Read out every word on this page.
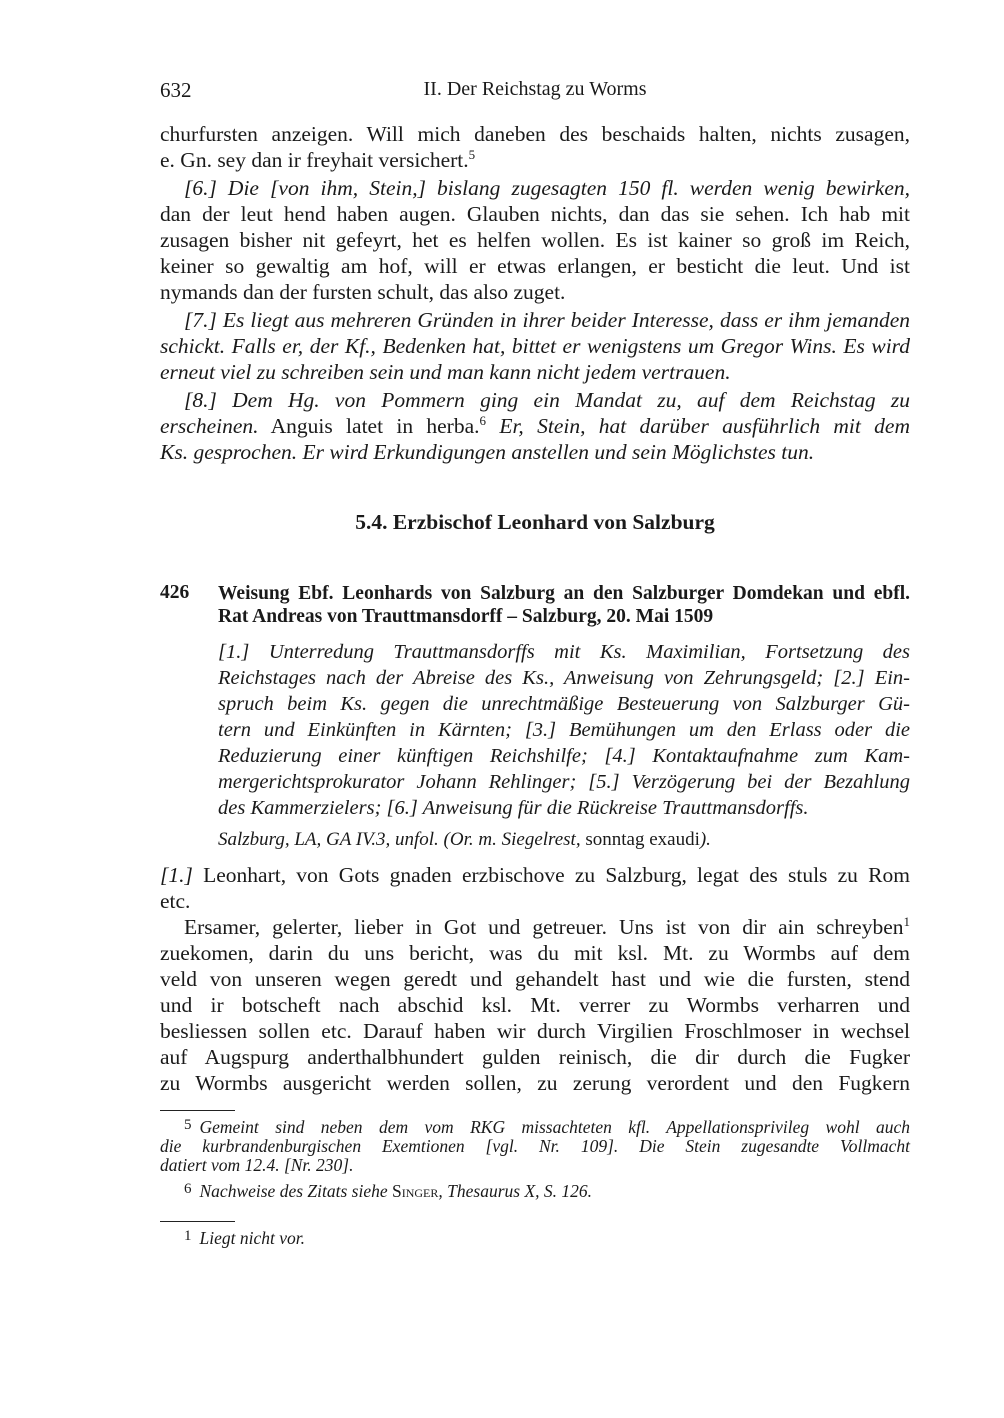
632	II. Der Reichstag zu Worms
churfursten anzeigen. Will mich daneben des beschaids halten, nichts zusagen,
e. Gn. sey dan ir freyhait versichert.$^5$
[6.] Die [von ihm, Stein,] bislang zugesagten 150 fl. werden wenig bewirken,
dan der leut hend haben augen. Glauben nichts, dan das sie sehen. Ich hab mit
zusagen bisher nit gefeyrt, het es helfen wollen. Es ist kainer so groß im Reich,
keiner so gewaltig am hof, will er etwas erlangen, er besticht die leut. Und ist
nymands dan der fursten schult, das also zuget.
[7.] Es liegt aus mehreren Gründen in ihrer beider Interesse, dass er ihm jemanden
schickt. Falls er, der Kf., Bedenken hat, bittet er wenigstens um Gregor Wins. Es wird
erneut viel zu schreiben sein und man kann nicht jedem vertrauen.
[8.] Dem Hg. von Pommern ging ein Mandat zu, auf dem Reichstag zu
erscheinen. Anguis latet in herba.$^6$ Er, Stein, hat darüber ausführlich mit dem
Ks. gesprochen. Er wird Erkundigungen anstellen und sein Möglichstes tun.
5.4. Erzbischof Leonhard von Salzburg
426 Weisung Ebf. Leonhards von Salzburg an den Salzburger Domdekan und ebfl.
Rat Andreas von Trauttmansdorff – Salzburg, 20. Mai 1509
[1.] Unterredung Trauttmansdorffs mit Ks. Maximilian, Fortsetzung des
Reichstages nach der Abreise des Ks., Anweisung von Zehrungsgeld; [2.] Ein-
spruch beim Ks. gegen die unrechtmäßige Besteuerung von Salzburger Gü-
tern und Einkünften in Kärnten; [3.] Bemühungen um den Erlass oder die
Reduzierung einer künftigen Reichshilfe; [4.] Kontaktaufnahme zum Kam-
mergerichtsprokurator Johann Rehlinger; [5.] Verzögerung bei der Bezahlung
des Kammerzielers; [6.] Anweisung für die Rückreise Trauttmansdorffs.
Salzburg, LA, GA IV.3, unfol. (Or. m. Siegelrest, sonntag exaudi).
[1.] Leonhart, von Gots gnaden erzbischove zu Salzburg, legat des stuls zu Rom
etc.
Ersamer, gelerter, lieber in Got und getreuer. Uns ist von dir ain schreyben$^1$
zuekomen, darin du uns bericht, was du mit ksl. Mt. zu Wormbs auf dem
veld von unseren wegen geredt und gehandelt hast und wie die fursten, stend
und ir botscheft nach abschid ksl. Mt. verrer zu Wormbs verharren und
besliessen sollen etc. Darauf haben wir durch Virgilien Froschlmoser in wechsel
auf Augspurg anderthalbhundert gulden reinisch, die dir durch die Fugker
zu Wormbs ausgericht werden sollen, zu zerung verordent und den Fugkern
5 Gemeint sind neben dem vom RKG missachteten kfl. Appellationsprivileg wohl auch
die kurbrandenburgischen Exemtionen [vgl. Nr. 109]. Die Stein zugesandte Vollmacht
datiert vom 12.4. [Nr. 230].
6 Nachweise des Zitats siehe Singer, Thesaurus X, S. 126.
1 Liegt nicht vor.
